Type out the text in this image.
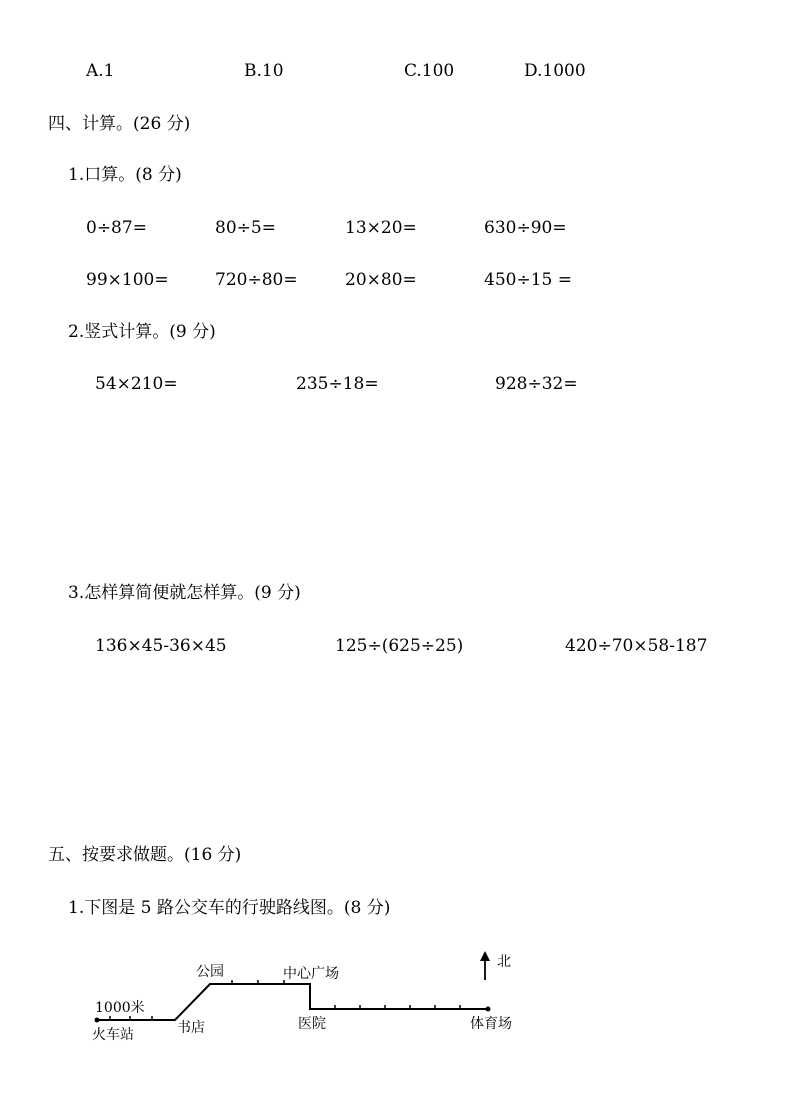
A.1	B.10	C.100	D.1000
四、计算。(26 分)
1.口算。(8 分)
0÷87=	80÷5=	13×20=	630÷90=
99×100=	720÷80=	20×80=	450÷15 =
2.竖式计算。(9 分)
54×210=	235÷18=	928÷32=
3.怎样算简便就怎样算。(9 分)
136×45-36×45	125÷(625÷25)	420÷70×58-187
五、按要求做题。(16 分)
1.下图是 5 路公交车的行驶路线图。(8 分)
北
1000米
火车站	书店
公园	中心广场
医院	体育场
